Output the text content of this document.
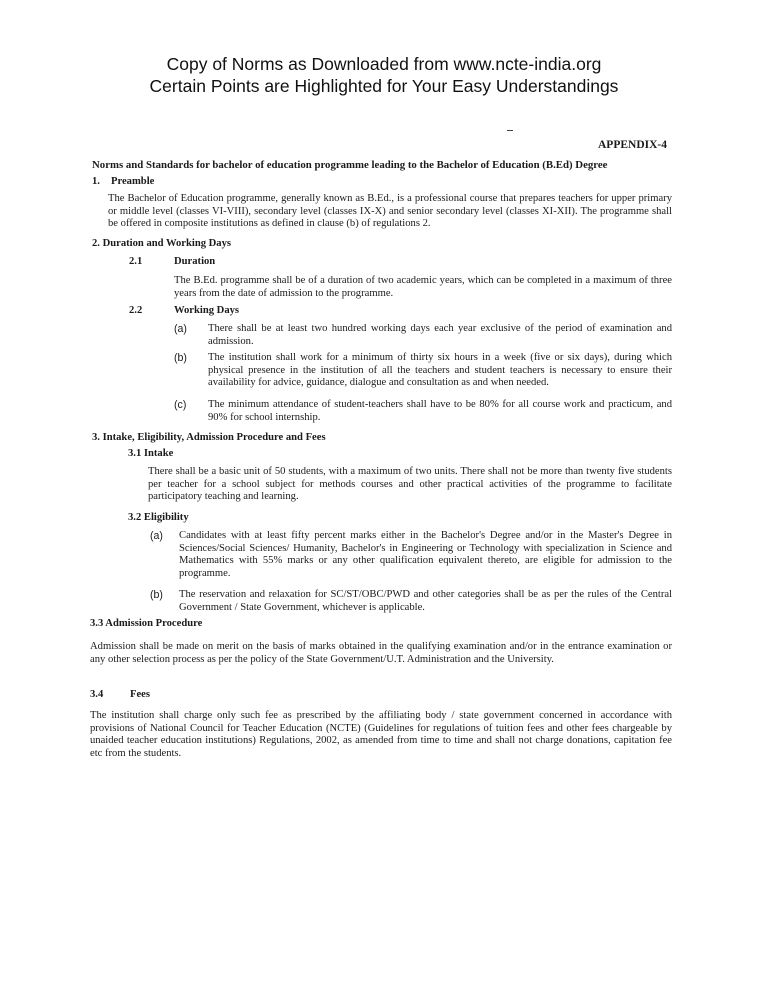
Copy of Norms as Downloaded from www.ncte-india.org
Certain Points are Highlighted for Your Easy Understandings
APPENDIX-4
Norms and Standards for bachelor of education programme leading to the Bachelor of Education (B.Ed) Degree
1. Preamble
The Bachelor of Education programme, generally known as B.Ed., is a professional course that prepares teachers for upper primary or middle level (classes VI-VIII), secondary level (classes IX-X) and senior secondary level (classes XI-XII). The programme shall be offered in composite institutions as defined in clause (b) of regulations 2.
2. Duration and Working Days
2.1	Duration
The B.Ed. programme shall be of a duration of two academic years, which can be completed in a maximum of three years from the date of admission to the programme.
2.2	Working Days
(a) There shall be at least two hundred working days each year exclusive of the period of examination and admission.
(b) The institution shall work for a minimum of thirty six hours in a week (five or six days), during which physical presence in the institution of all the teachers and student teachers is necessary to ensure their availability for advice, guidance, dialogue and consultation as and when needed.
(c) The minimum attendance of student-teachers shall have to be 80% for all course work and practicum, and 90% for school internship.
3. Intake, Eligibility, Admission Procedure and Fees
3.1 Intake
There shall be a basic unit of 50 students, with a maximum of two units. There shall not be more than twenty five students per teacher for a school subject for methods courses and other practical activities of the programme to facilitate participatory teaching and learning.
3.2 Eligibility
(a) Candidates with at least fifty percent marks either in the Bachelor's Degree and/or in the Master's Degree in Sciences/Social Sciences/ Humanity, Bachelor's in Engineering or Technology with specialization in Science and Mathematics with 55% marks or any other qualification equivalent thereto, are eligible for admission to the programme.
(b) The reservation and relaxation for SC/ST/OBC/PWD and other categories shall be as per the rules of the Central Government / State Government, whichever is applicable.
3.3 Admission Procedure
Admission shall be made on merit on the basis of marks obtained in the qualifying examination and/or in the entrance examination or any other selection process as per the policy of the State Government/U.T. Administration and the University.
3.4	Fees
The institution shall charge only such fee as prescribed by the affiliating body / state government concerned in accordance with provisions of National Council for Teacher Education (NCTE) (Guidelines for regulations of tuition fees and other fees chargeable by unaided teacher education institutions) Regulations, 2002, as amended from time to time and shall not charge donations, capitation fee etc from the students.
